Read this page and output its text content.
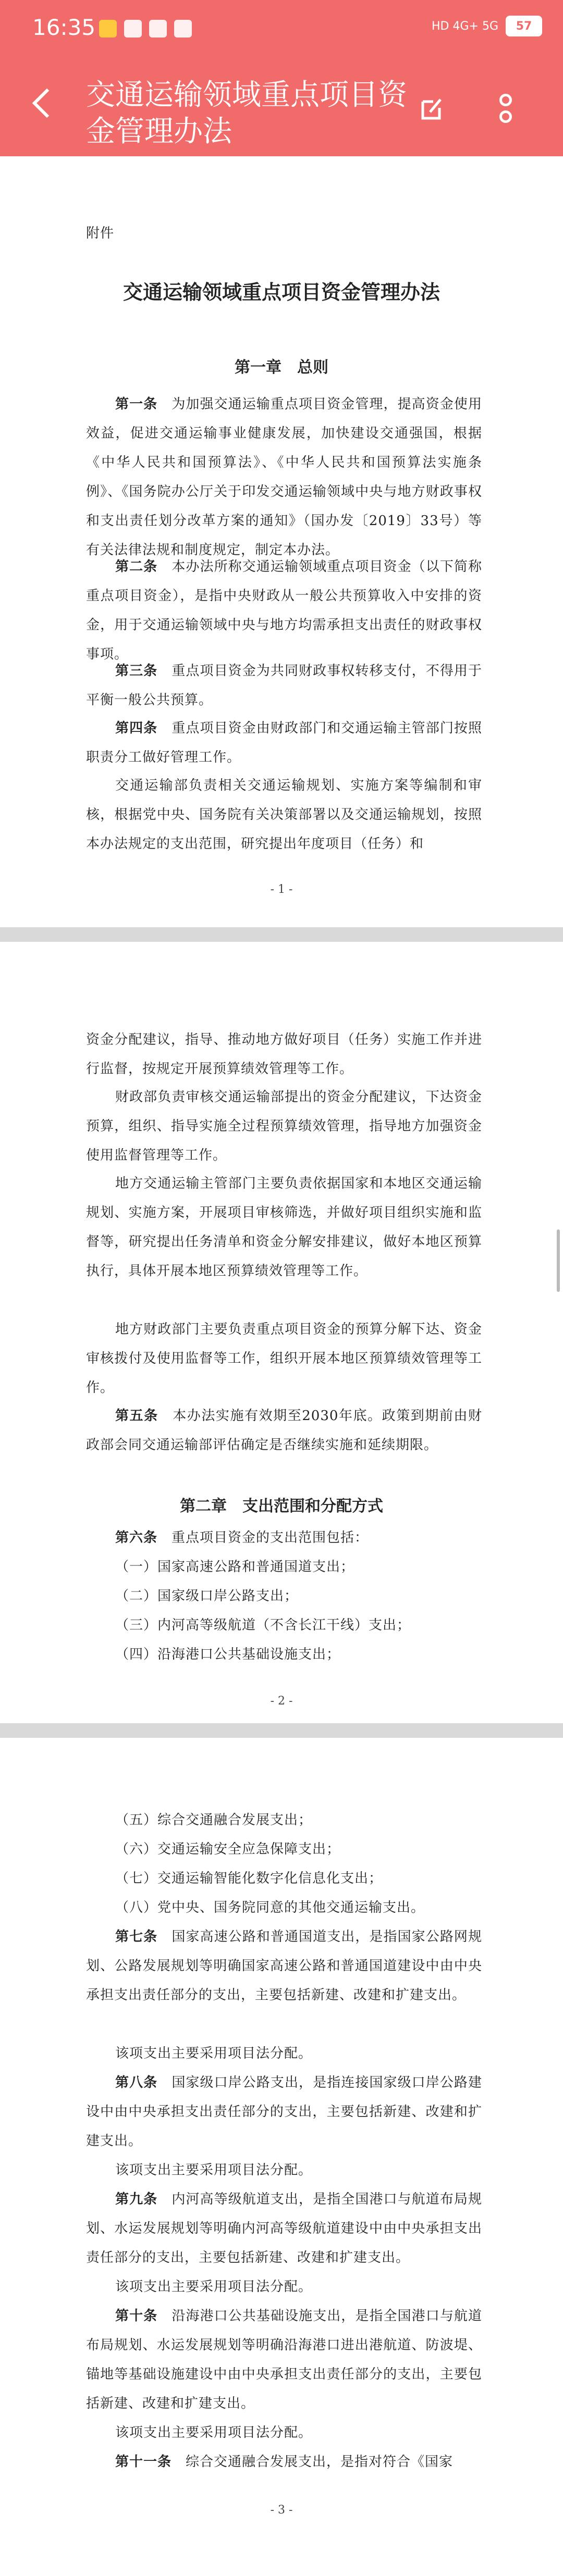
16:35	HD 4G+ 5G	57
交通运输领域重点项目资金管理办法
附件
交通运输领域重点项目资金管理办法
第一章　总则
第一条　为加强交通运输重点项目资金管理，提高资金使用效益，促进交通运输事业健康发展，加快建设交通强国，根据《中华人民共和国预算法》、《中华人民共和国预算法实施条例》、《国务院办公厅关于印发交通运输领域中央与地方财政事权和支出责任划分改革方案的通知》（国办发〔2019〕33号）等有关法律法规和制度规定，制定本办法。
第二条　本办法所称交通运输领域重点项目资金（以下简称重点项目资金），是指中央财政从一般公共预算收入中安排的资金，用于交通运输领域中央与地方均需承担支出责任的财政事权事项。
第三条　重点项目资金为共同财政事权转移支付，不得用于平衡一般公共预算。
第四条　重点项目资金由财政部门和交通运输主管部门按照职责分工做好管理工作。
交通运输部负责相关交通运输规划、实施方案等编制和审核，根据党中央、国务院有关决策部署以及交通运输规划，按照本办法规定的支出范围，研究提出年度项目（任务）和
- 1 -
资金分配建议，指导、推动地方做好项目（任务）实施工作并进行监督，按规定开展预算绩效管理等工作。
财政部负责审核交通运输部提出的资金分配建议，下达资金预算，组织、指导实施全过程预算绩效管理，指导地方加强资金使用监督管理等工作。
地方交通运输主管部门主要负责依据国家和本地区交通运输规划、实施方案，开展项目审核筛选，并做好项目组织实施和监督等，研究提出任务清单和资金分解安排建议，做好本地区预算执行，具体开展本地区预算绩效管理等工作。
地方财政部门主要负责重点项目资金的预算分解下达、资金审核拨付及使用监督等工作，组织开展本地区预算绩效管理等工作。
第五条　本办法实施有效期至2030年底。政策到期前由财政部会同交通运输部评估确定是否继续实施和延续期限。
第二章　支出范围和分配方式
第六条　重点项目资金的支出范围包括：
（一）国家高速公路和普通国道支出；
（二）国家级口岸公路支出；
（三）内河高等级航道（不含长江干线）支出；
（四）沿海港口公共基础设施支出；
- 2 -
（五）综合交通融合发展支出；
（六）交通运输安全应急保障支出；
（七）交通运输智能化数字化信息化支出；
（八）党中央、国务院同意的其他交通运输支出。
第七条　国家高速公路和普通国道支出，是指国家公路网规划、公路发展规划等明确国家高速公路和普通国道建设中由中央承担支出责任部分的支出，主要包括新建、改建和扩建支出。
该项支出主要采用项目法分配。
第八条　国家级口岸公路支出，是指连接国家级口岸公路建设中由中央承担支出责任部分的支出，主要包括新建、改建和扩建支出。
该项支出主要采用项目法分配。
第九条　内河高等级航道支出，是指全国港口与航道布局规划、水运发展规划等明确内河高等级航道建设中由中央承担支出责任部分的支出，主要包括新建、改建和扩建支出。
该项支出主要采用项目法分配。
第十条　沿海港口公共基础设施支出，是指全国港口与航道布局规划、水运发展规划等明确沿海港口进出港航道、防波堤、锚地等基础设施建设中由中央承担支出责任部分的支出，主要包括新建、改建和扩建支出。
该项支出主要采用项目法分配。
第十一条　综合交通融合发展支出，是指对符合《国家
- 3 -
